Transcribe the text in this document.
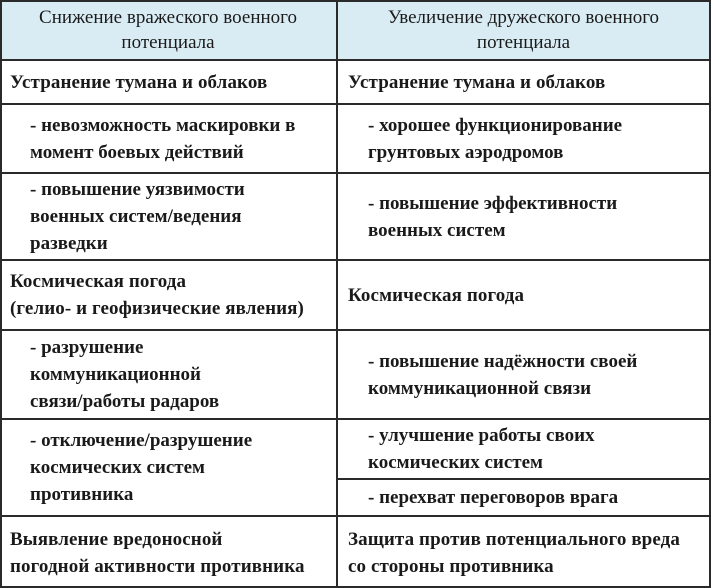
Снижение вражеского военного
потенциала
Увеличение дружеского военного
потенциала
Устранение тумана и облаков
- невозможность маскировки в
момент боевых действий
- повышение уязвимости
военных систем/ведения
разведки
Космическая погода
(гелио- и геофизические явления)
- разрушение
коммуникационной
связи/работы радаров
- отключение/разрушение
космических систем
противника
Выявление вредоносной
погодной активности противника
Устранение тумана и облаков
- хорошее функционирование
грунтовых аэродромов
- повышение эффективности
военных систем
Космическая погода
- повышение надёжности своей
коммуникационной связи
- улучшение работы своих
космических систем
- перехват переговоров врага
Защита против потенциального вреда
со стороны противника
